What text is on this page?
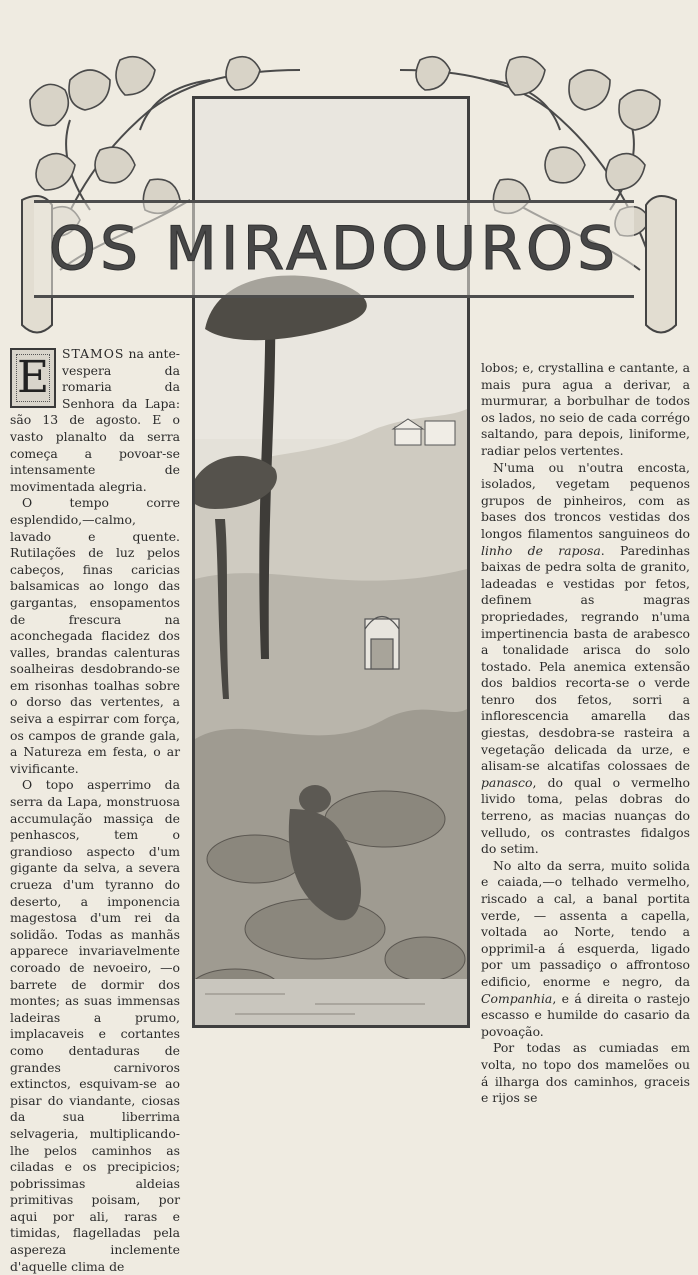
OS MIRADOUROS

E	STAMOS na ante-vespera da romaria da Senhora da Lapa: são 13 de agosto. E o vasto planalto da serra começa a povoar-se intensamente de movimentada alegria.

O tempo corre esplendido,—calmo, lavado e quente. Rutilações de luz pelos cabeços, finas caricias balsamicas ao longo das gargantas, ensopamentos de frescura na aconchegada flacidez dos valles, brandas calenturas soalheiras desdobrando-se em risonhas toalhas sobre o dorso das vertentes, a seiva a espirrar com força, os campos de grande gala, a Natureza em festa, o ar vivificante.

O topo asperrimo da serra da Lapa, monstruosa accumulação massiça de penhascos, tem o grandioso aspecto d'um gigante da selva, a severa crueza d'um tyranno do deserto, a imponencia magestosa d'um rei da solidão. Todas as manhãs apparece invariavelmente coroado de nevoeiro, —o barrete de dormir dos montes; as suas immensas ladeiras a prumo, implacaveis e cortantes como dentaduras de grandes carnivoros extinctos, esquivam-se ao pisar do viandante, ciosas da sua liberrima selvageria, multiplicando-lhe pelos caminhos as ciladas e os precipicios; pobrissimas aldeias primitivas poisam, por aqui por ali, raras e timidas, flagelladas pela aspereza inclemente d'aquelle clima de

lobos; e, crystallina e cantante, a mais pura agua a derivar, a murmurar, a borbulhar de todos os lados, no seio de cada corrégo saltando, para depois, liniforme, radiar pelos vertentes.

N'uma ou n'outra encosta, isolados, vegetam pequenos grupos de pinheiros, com as bases dos troncos vestidas dos longos filamentos sanguineos do linho de raposa. Paredinhas baixas de pedra solta de granito, ladeadas e vestidas por fetos, definem as magras propriedades, regrando n'uma impertinencia basta de arabesco a tonalidade arisca do solo tostado. Pela anemica extensão dos baldios recorta-se o verde tenro dos fetos, sorri a inflorescencia amarella das giestas, desdobra-se rasteira a vegetação delicada da urze, e alisam-se alcatifas colossaes de panasco, do qual o vermelho livido toma, pelas dobras do terreno, as macias nuanças do velludo, os contrastes fidalgos do setim.

No alto da serra, muito solida e caiada,—o telhado vermelho, riscado a cal, a banal portita verde, — assenta a capella, voltada ao Norte, tendo a opprimil-a á esquerda, ligado por um passadiço o affrontoso edificio, enorme e negro, da Companhia, e á direita o rastejo escasso e humilde do casario da povoação.

Por todas as cumiadas em volta, no topo dos mamelões ou á ilharga dos caminhos, graceis e rijos se
